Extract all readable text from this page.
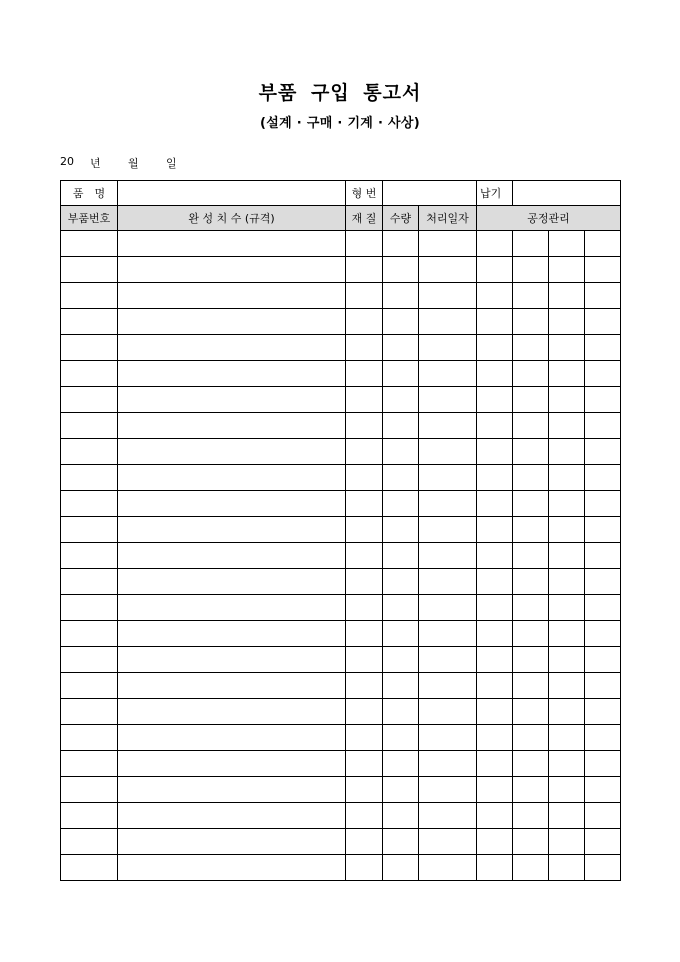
부품 구입 통고서
(설계 · 구매 · 기계 · 사상)
20 년 월 일
품　명		형 번			납기			
부품번호	완 성 치 수 (규격)	재 질	수량	처리일자	공정관리			
